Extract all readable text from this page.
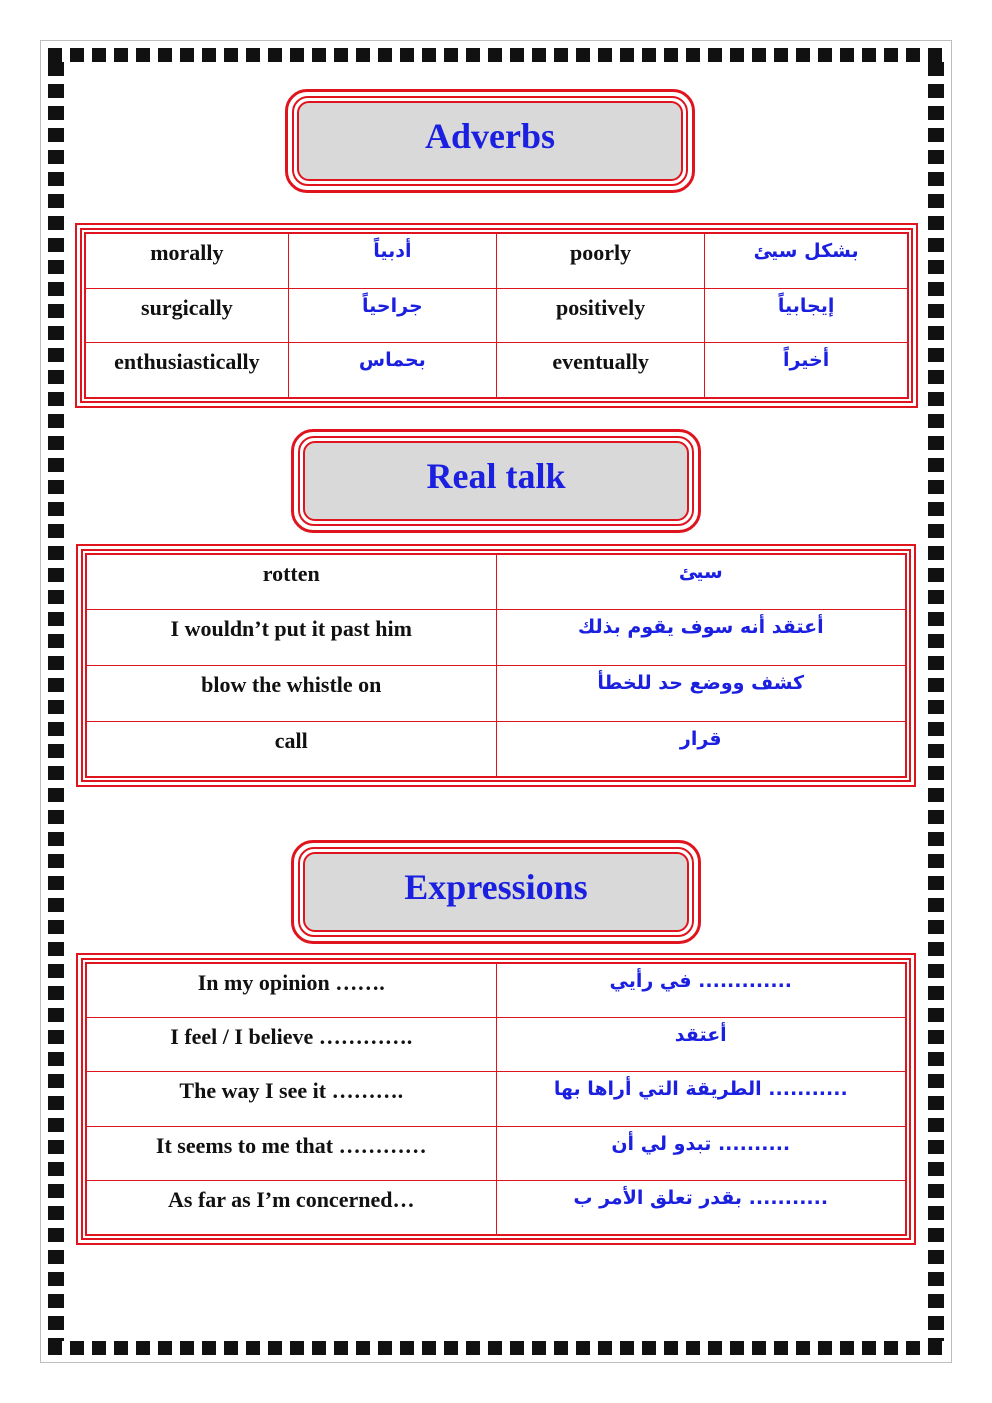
Adverbs
morally	أدبياً	poorly	بشكل سيئ
surgically	جراحياً	positively	إيجابياً
enthusiastically	بحماس	eventually	أخيراً
Real talk
rotten	سيئ
I wouldn’t put it past him	أعتقد أنه سوف يقوم بذلك
blow the whistle on	كشف ووضع حد للخطأ
call	قرار
Expressions
In my opinion …….	في رأيي .............
I feel / I believe ………….	أعتقد
The way I see it ……….	الطريقة التي أراها بها ...........
It seems to me that …………	تبدو لي أن ..........
As far as I’m concerned…	بقدر تعلق الأمر ب ...........
